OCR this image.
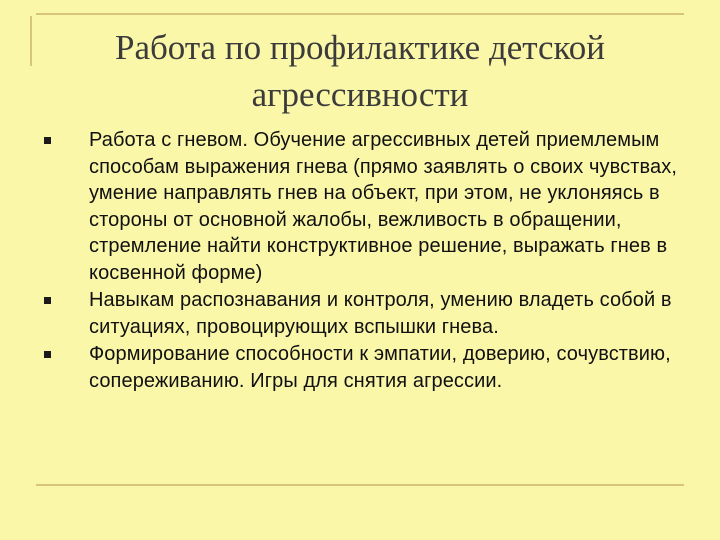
Работа по профилактике детской агрессивности
Работа с гневом. Обучение агрессивных детей приемлемым способам выражения гнева (прямо заявлять о своих чувствах, умение направлять гнев на объект, при этом, не уклоняясь в стороны от основной жалобы, вежливость в обращении, стремление найти конструктивное решение, выражать гнев в косвенной форме)
Навыкам распознавания и контроля, умению владеть собой в ситуациях, провоцирующих вспышки гнева.
Формирование способности к эмпатии, доверию, сочувствию, сопереживанию. Игры для снятия агрессии.
